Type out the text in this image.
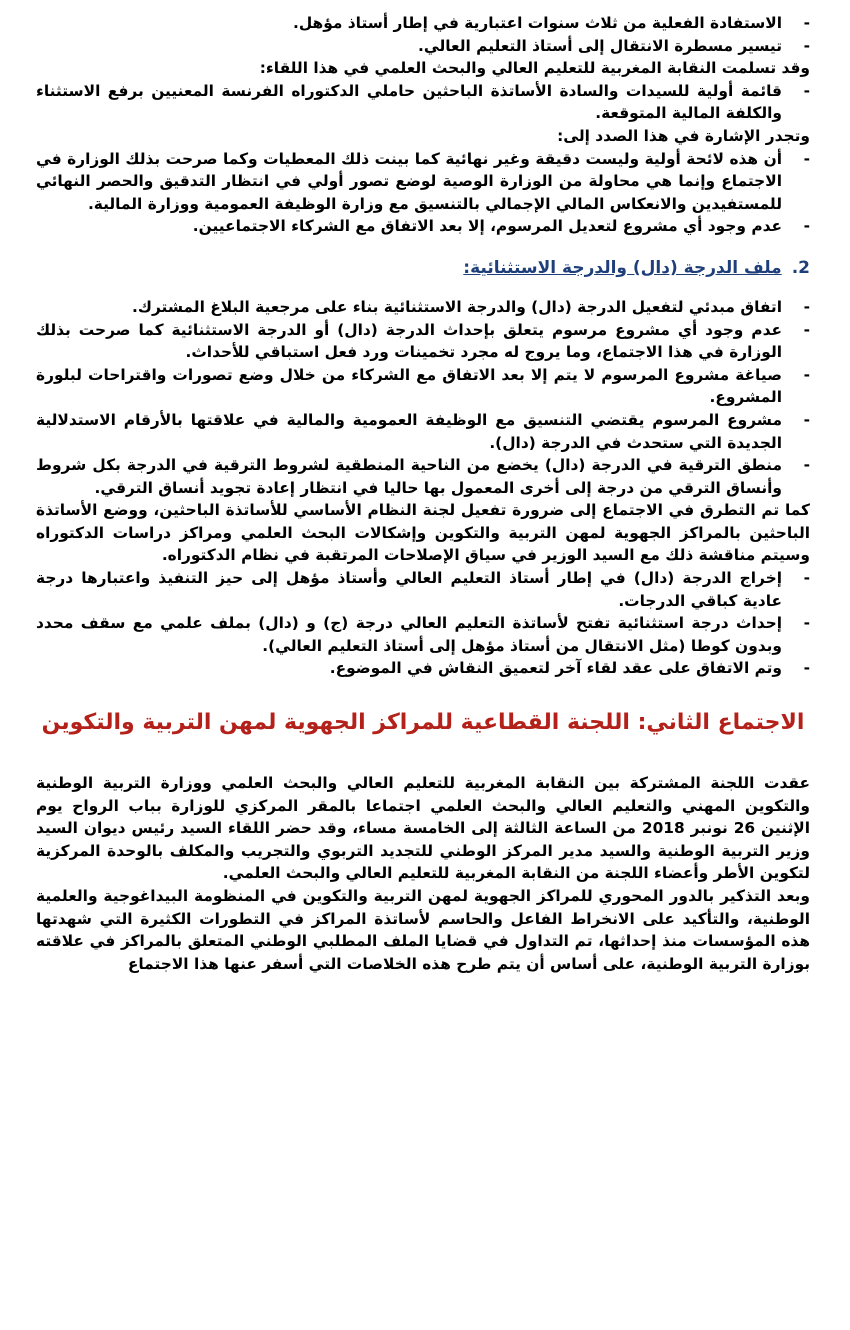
- الاستفادة الفعلية من ثلاث سنوات اعتبارية في إطار أستاذ مؤهل.
- تيسير مسطرة الانتقال إلى أستاذ التعليم العالي.

وقد تسلمت النقابة المغربية للتعليم العالي والبحث العلمي في هذا اللقاء:

- قائمة أولية للسيدات والسادة الأساتذة الباحثين حاملي الدكتوراه الفرنسة المعنيين برفع الاستثناء والكلفة المالية المتوقعة.

وتجدر الإشارة في هذا الصدد إلى:

- أن هذه لائحة أولية وليست دقيقة وغير نهائية كما بينت ذلك المعطيات وكما صرحت بذلك الوزارة في الاجتماع وإنما هي محاولة من الوزارة الوصية لوضع تصور أولي في انتظار التدقيق والحصر النهائي للمستفيدين والانعكاس المالي الإجمالي بالتنسيق مع وزارة الوظيفة العمومية ووزارة المالية.
- عدم وجود أي مشروع لتعديل المرسوم، إلا بعد الاتفاق مع الشركاء الاجتماعيين.
2.ملف الدرجة (دال) والدرجة الاستثنائية:
- اتفاق مبدئي لتفعيل الدرجة (دال) والدرجة الاستثنائية بناء على مرجعية البلاغ المشترك.
- عدم وجود أي مشروع مرسوم يتعلق بإحداث الدرجة (دال) أو الدرجة الاستثنائية كما صرحت بذلك الوزارة في هذا الاجتماع، وما يروج له مجرد تخمينات ورد فعل استباقي للأحداث.
- صياغة مشروع المرسوم لا يتم إلا بعد الاتفاق مع الشركاء من خلال وضع تصورات واقتراحات لبلورة المشروع.
- مشروع المرسوم يقتضي التنسيق مع الوظيفة العمومية والمالية في علاقتها بالأرقام الاستدلالية الجديدة التي ستحدث في الدرجة (دال).
- منطق الترقية في الدرجة (دال) يخضع من الناحية المنطقية لشروط الترقية في الدرجة بكل شروط وأنساق الترقي من درجة إلى أخرى المعمول بها حاليا في انتظار إعادة تجويد أنساق الترقي.

كما تم التطرق في الاجتماع إلى ضرورة تفعيل لجنة النظام الأساسي للأساتذة الباحثين، ووضع الأساتذة الباحثين بالمراكز الجهوية لمهن التربية والتكوين وإشكالات البحث العلمي ومراكز دراسات الدكتوراه وسيتم مناقشة ذلك مع السيد الوزير في سياق الإصلاحات المرتقبة في نظام الدكتوراه.

- إخراج الدرجة (دال) في إطار أستاذ التعليم العالي وأستاذ مؤهل إلى حيز التنفيذ واعتبارها درجة عادية كباقي الدرجات.
- إحداث درجة استثنائية تفتح لأساتذة التعليم العالي درجة (ج) و (دال) بملف علمي مع سقف محدد وبدون كوطا (مثل الانتقال من أستاذ مؤهل إلى أستاذ التعليم العالي).
- وتم الاتفاق على عقد لقاء آخر لتعميق النقاش في الموضوع.
الاجتماع الثاني: اللجنة القطاعية للمراكز الجهوية لمهن التربية والتكوين

عقدت اللجنة المشتركة بين النقابة المغربية للتعليم العالي والبحث العلمي ووزارة التربية الوطنية والتكوين المهني والتعليم العالي والبحث العلمي اجتماعا بالمقر المركزي للوزارة بباب الرواح يوم الإثنين 26 نونبر 2018 من الساعة الثالثة إلى الخامسة مساء، وقد حضر اللقاء السيد رئيس ديوان السيد وزير التربية الوطنية والسيد مدير المركز الوطني للتجديد التربوي والتجريب والمكلف بالوحدة المركزية لتكوين الأطر وأعضاء اللجنة من النقابة المغربية للتعليم العالي والبحث العلمي.

وبعد التذكير بالدور المحوري للمراكز الجهوية لمهن التربية والتكوين في المنظومة البيداغوجية والعلمية الوطنية، والتأكيد على الانخراط الفاعل والحاسم لأساتذة المراكز في التطورات الكثيرة التي شهدتها هذه المؤسسات منذ إحداثها، تم التداول في قضايا الملف المطلبي الوطني المتعلق بالمراكز في علاقته بوزارة التربية الوطنية، على أساس أن يتم طرح هذه الخلاصات التي أسفر عنها هذا الاجتماع
